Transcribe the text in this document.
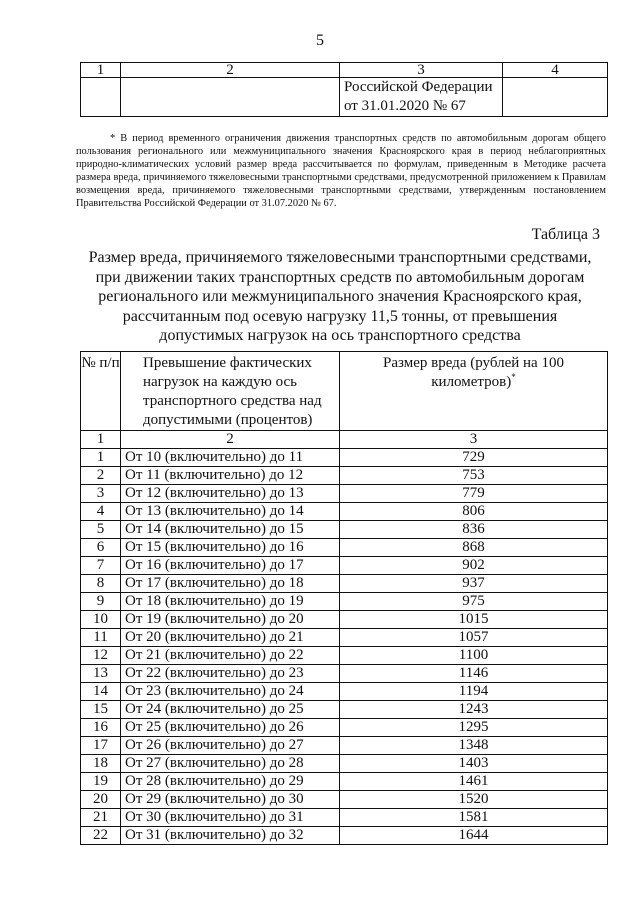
5
1	2	3	4

		Российской Федерации
от 31.01.2020 № 67	

* В период временного ограничения движения транспортных средств по автомобильным дорогам общего пользования регионального или межмуниципального значения Красноярского края в период неблагоприятных природно-климатических условий размер вреда рассчитывается по формулам, приведенным в Методике расчета размера вреда, причиняемого тяжеловесными транспортными средствами, предусмотренной приложением к Правилам возмещения вреда, причиняемого тяжеловесными транспортными средствами, утвержденным постановлением Правительства Российской Федерации от 31.07.2020 № 67.
Таблица 3
Размер вреда, причиняемого тяжеловесными транспортными средствами, при движении таких транспортных средств по автомобильным дорогам регионального или межмуниципального значения Красноярского края, рассчитанным под осевую нагрузку 11,5 тонны, от превышения допустимых нагрузок на ось транспортного средства
№ п/п	Превышение фактических нагрузок на каждую ось транспортного средства над допустимыми (процентов)	Размер вреда (рублей на 100 километров)*
1	2	3
1	От 10 (включительно) до 11	729
2	От 11 (включительно) до 12	753
3	От 12 (включительно) до 13	779
4	От 13 (включительно) до 14	806
5	От 14 (включительно) до 15	836
6	От 15 (включительно) до 16	868
7	От 16 (включительно) до 17	902
8	От 17 (включительно) до 18	937
9	От 18 (включительно) до 19	975
10	От 19 (включительно) до 20	1015
11	От 20 (включительно) до 21	1057
12	От 21 (включительно) до 22	1100
13	От 22 (включительно) до 23	1146
14	От 23 (включительно) до 24	1194
15	От 24 (включительно) до 25	1243
16	От 25 (включительно) до 26	1295
17	От 26 (включительно) до 27	1348
18	От 27 (включительно) до 28	1403
19	От 28 (включительно) до 29	1461
20	От 29 (включительно) до 30	1520
21	От 30 (включительно) до 31	1581
22	От 31 (включительно) до 32	1644
